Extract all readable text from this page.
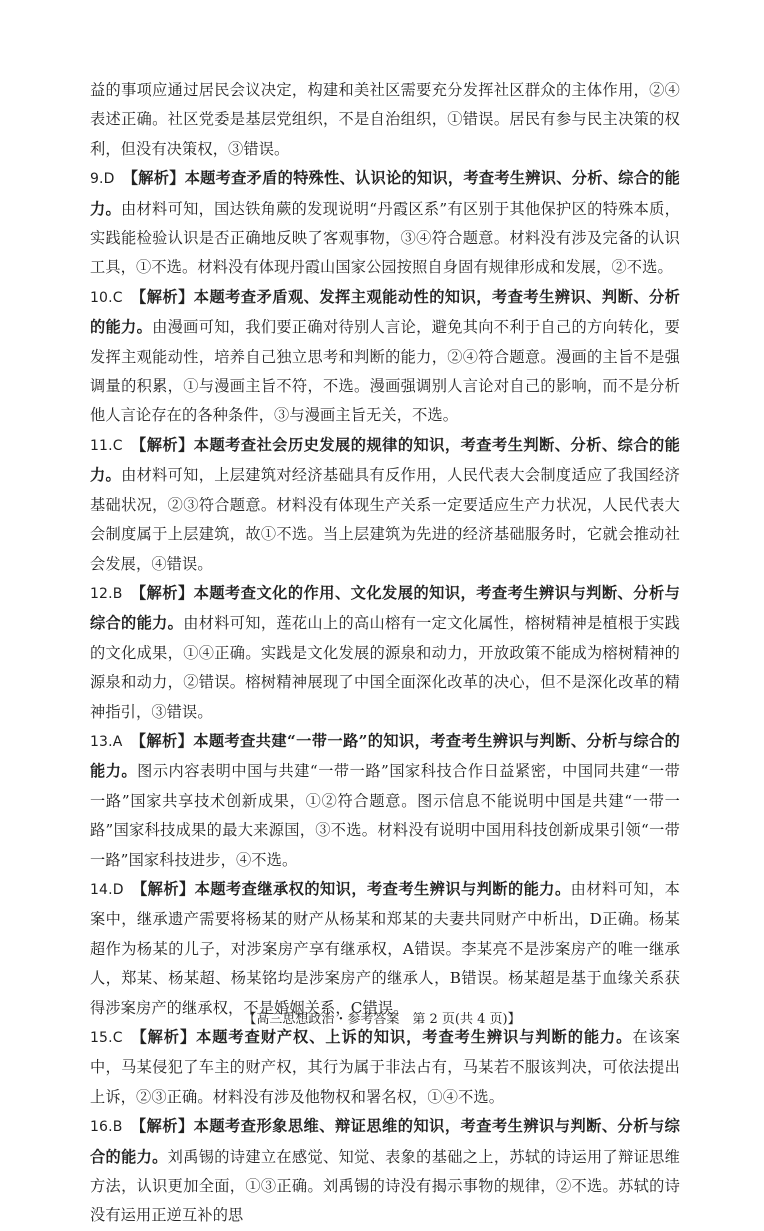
益的事项应通过居民会议决定，构建和美社区需要充分发挥社区群众的主体作用，②④表述正确。社区党委是基层党组织，不是自治组织，①错误。居民有参与民主决策的权利，但没有决策权，③错误。

9.D 【解析】本题考查矛盾的特殊性、认识论的知识，考查考生辨识、分析、综合的能力。由材料可知，国达铁角蕨的发现说明“丹霞区系”有区别于其他保护区的特殊本质，实践能检验认识是否正确地反映了客观事物，③④符合题意。材料没有涉及完备的认识工具，①不选。材料没有体现丹霞山国家公园按照自身固有规律形成和发展，②不选。

10.C 【解析】本题考查矛盾观、发挥主观能动性的知识，考查考生辨识、判断、分析的能力。由漫画可知，我们要正确对待别人言论，避免其向不利于自己的方向转化，要发挥主观能动性，培养自己独立思考和判断的能力，②④符合题意。漫画的主旨不是强调量的积累，①与漫画主旨不符，不选。漫画强调别人言论对自己的影响，而不是分析他人言论存在的各种条件，③与漫画主旨无关，不选。

11.C 【解析】本题考查社会历史发展的规律的知识，考查考生判断、分析、综合的能力。由材料可知，上层建筑对经济基础具有反作用，人民代表大会制度适应了我国经济基础状况，②③符合题意。材料没有体现生产关系一定要适应生产力状况，人民代表大会制度属于上层建筑，故①不选。当上层建筑为先进的经济基础服务时，它就会推动社会发展，④错误。

12.B 【解析】本题考查文化的作用、文化发展的知识，考查考生辨识与判断、分析与综合的能力。由材料可知，莲花山上的高山榕有一定文化属性，榕树精神是植根于实践的文化成果，①④正确。实践是文化发展的源泉和动力，开放政策不能成为榕树精神的源泉和动力，②错误。榕树精神展现了中国全面深化改革的决心，但不是深化改革的精神指引，③错误。

13.A 【解析】本题考查共建“一带一路”的知识，考查考生辨识与判断、分析与综合的能力。图示内容表明中国与共建“一带一路”国家科技合作日益紧密，中国同共建“一带一路”国家共享技术创新成果，①②符合题意。图示信息不能说明中国是共建“一带一路”国家科技成果的最大来源国，③不选。材料没有说明中国用科技创新成果引领“一带一路”国家科技进步，④不选。

14.D 【解析】本题考查继承权的知识，考查考生辨识与判断的能力。由材料可知，本案中，继承遗产需要将杨某的财产从杨某和郑某的夫妻共同财产中析出，D正确。杨某超作为杨某的儿子，对涉案房产享有继承权，A错误。李某亮不是涉案房产的唯一继承人，郑某、杨某超、杨某铭均是涉案房产的继承人，B错误。杨某超是基于血缘关系获得涉案房产的继承权，不是婚姻关系，C错误。

15.C 【解析】本题考查财产权、上诉的知识，考查考生辨识与判断的能力。在该案中，马某侵犯了车主的财产权，其行为属于非法占有，马某若不服该判决，可依法提出上诉，②③正确。材料没有涉及他物权和署名权，①④不选。

16.B 【解析】本题考查形象思维、辩证思维的知识，考查考生辨识与判断、分析与综合的能力。刘禹锡的诗建立在感觉、知觉、表象的基础之上，苏轼的诗运用了辩证思维方法，认识更加全面，①③正确。刘禹锡的诗没有揭示事物的规律，②不选。苏轼的诗没有运用正逆互补的思

【高三思想政治・参考答案　第 2 页(共 4 页)】
